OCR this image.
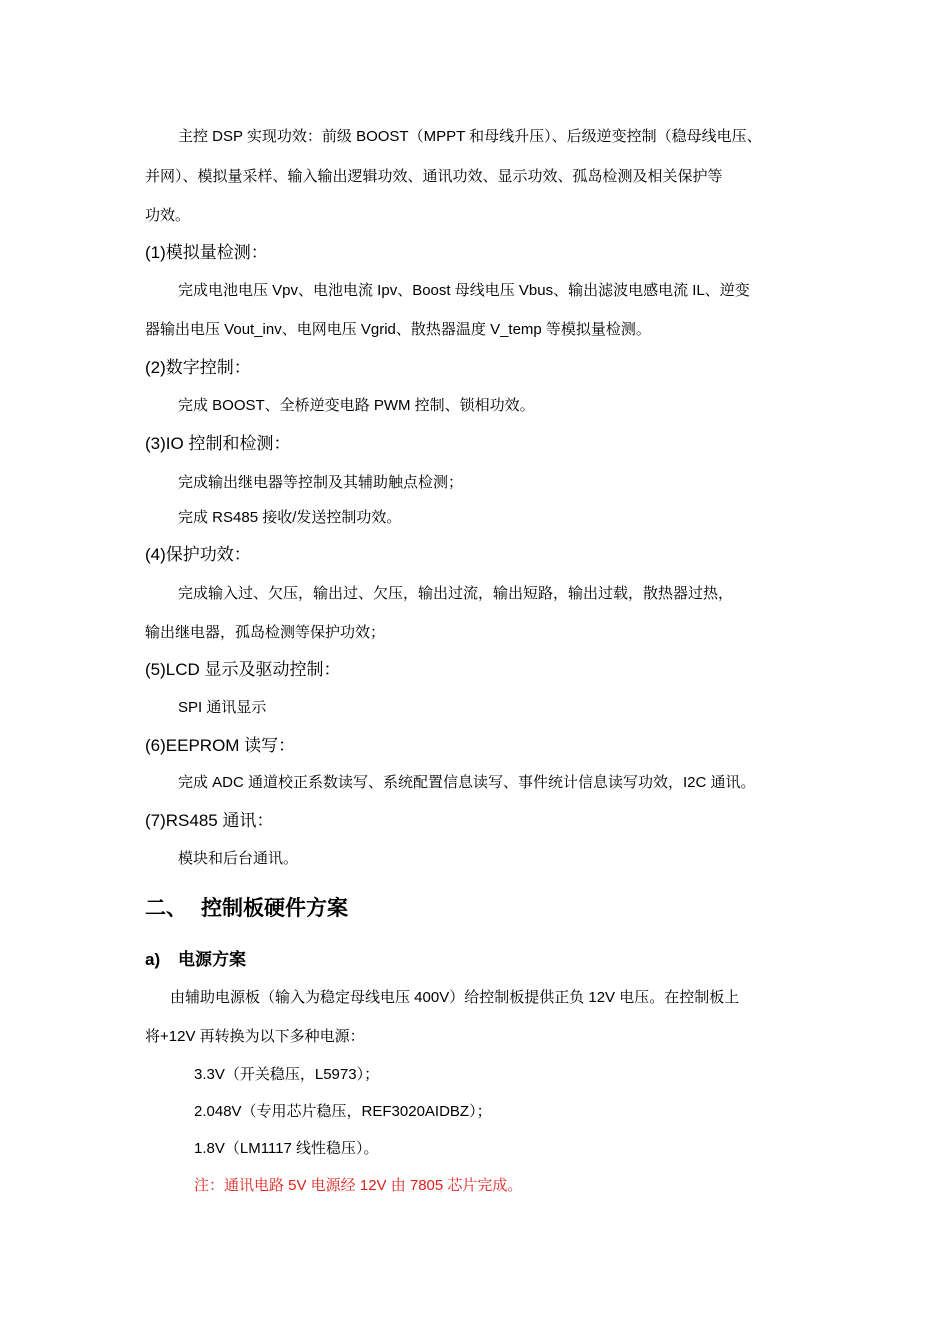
主控 DSP 实现功效：前级 BOOST（MPPT 和母线升压）、后级逆变控制（稳母线电压、
并网）、模拟量采样、输入输出逻辑功效、通讯功效、显示功效、孤岛检测及相关保护等
功效。
(1)模拟量检测：
完成电池电压 Vpv、电池电流 Ipv、Boost 母线电压 Vbus、输出滤波电感电流 IL、逆变
器输出电压 Vout_inv、电网电压 Vgrid、散热器温度 V_temp 等模拟量检测。
(2)数字控制：
完成 BOOST、全桥逆变电路 PWM 控制、锁相功效。
(3)IO 控制和检测：
完成输出继电器等控制及其辅助触点检测；
完成 RS485 接收/发送控制功效。
(4)保护功效：
完成输入过、欠压，输出过、欠压，输出过流，输出短路，输出过载，散热器过热，
输出继电器，孤岛检测等保护功效；
(5)LCD 显示及驱动控制：
SPI 通讯显示
(6)EEPROM 读写：
完成 ADC 通道校正系数读写、系统配置信息读写、事件统计信息读写功效，I2C 通讯。
(7)RS485 通讯：
模块和后台通讯。
二、 控制板硬件方案
a) 电源方案
由辅助电源板（输入为稳定母线电压 400V）给控制板提供正负 12V 电压。在控制板上
将+12V 再转换为以下多种电源：
3.3V（开关稳压，L5973）；
2.048V（专用芯片稳压，REF3020AIDBZ）；
1.8V（LM1117 线性稳压）。
注：通讯电路 5V 电源经 12V 由 7805 芯片完成。
